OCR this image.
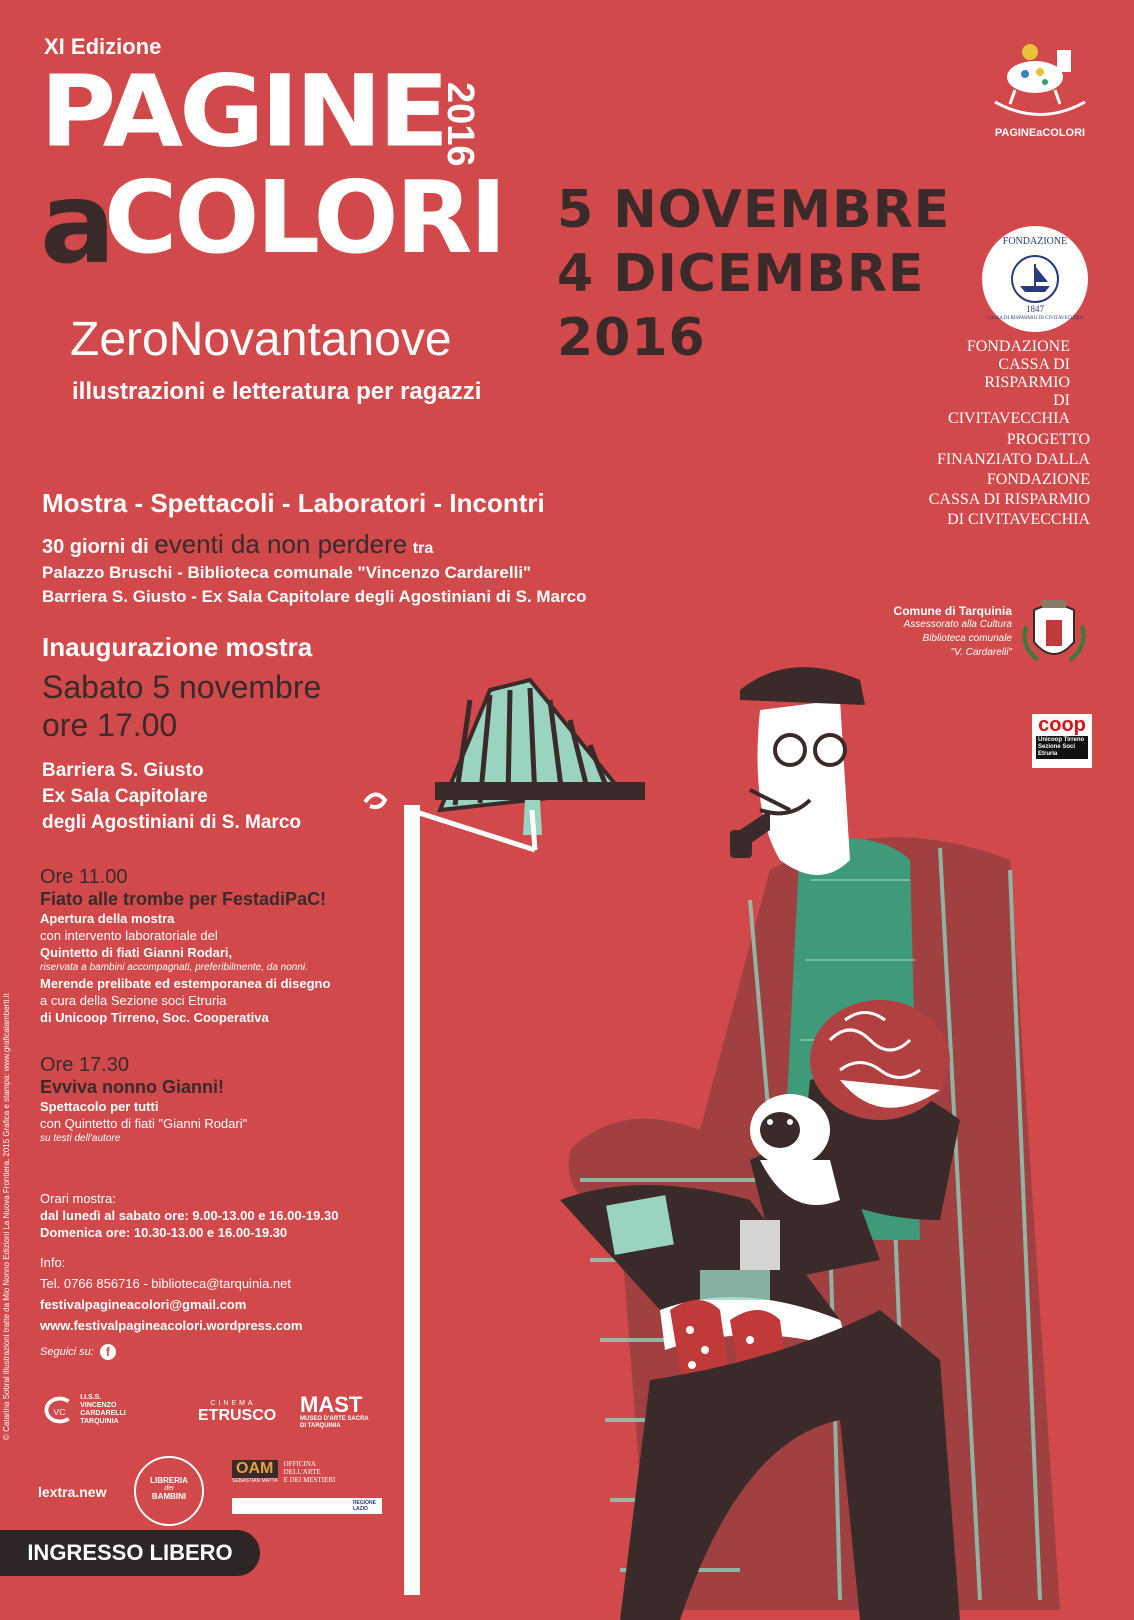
XI Edizione
PAGINE
a
COLORI
2016
ZeroNovantanove
illustrazioni e letteratura per ragazzi
5 NOVEMBRE
4 DICEMBRE
2016
PAGINEaCOLORI
FONDAZIONE
1847
CASSA DI RISPARMIO DI CIVITAVECCHIA
FONDAZIONE
CASSA DI RISPARMIO
DI CIVITAVECCHIA
PROGETTO
FINANZIATO DALLA
FONDAZIONE
CASSA DI RISPARMIO
DI CIVITAVECCHIA
Comune di Tarquinia
Assessorato alla Cultura
Biblioteca comunale
"V. Cardarelli"
coop
Unicoop Tirreno
Sezione Soci
Etruria
Mostra - Spettacoli - Laboratori - Incontri
30 giorni di eventi da non perdere tra
Palazzo Bruschi - Biblioteca comunale "Vincenzo Cardarelli"
Barriera S. Giusto - Ex Sala Capitolare degli Agostiniani di S. Marco
Inaugurazione mostra
Sabato 5 novembre
ore 17.00
Barriera S. Giusto
Ex Sala Capitolare
degli Agostiniani di S. Marco
Ore 11.00
Fiato alle trombe per FestadiPaC!
Apertura della mostra
con intervento laboratoriale del
Quintetto di fiati Gianni Rodari,
riservata a bambini accompagnati, preferibilmente, da nonni.
Merende prelibate ed estemporanea di disegno
a cura della Sezione soci Etruria
di Unicoop Tirreno, Soc. Cooperativa
Ore 17.30
Evviva nonno Gianni!
Spettacolo per tutti
con Quintetto di fiati "Gianni Rodari"
su testi dell'autore
Orari mostra:
dal lunedì al sabato ore: 9.00-13.00 e 16.00-19.30
Domenica ore: 10.30-13.00 e 16.00-19.30
Info:
Tel. 0766 856716 - biblioteca@tarquinia.net
festivalpagineacolori@gmail.com
www.festivalpagineacolori.wordpress.com
Seguici su:	f
VC
I.I.S.S.
VINCENZO CARDARELLI
TARQUINIA
CINEMA
ETRUSCO MAST
MUSEO D'ARTE SACRA
DI TARQUINIA
lextra.new
LIBRERIA
dei
BAMBINI
OAM
SEBASTIAN MATTA
OFFICINA
DELL'ARTE
E DEI MESTIERI
REGIONE
LAZIO
© Catarina Sobral illustrazioni tratte da Mio Nonno Edizioni La Nuova Frontiera, 2015 Grafica e stampa: www.graficalamberti.it
INGRESSO LIBERO
